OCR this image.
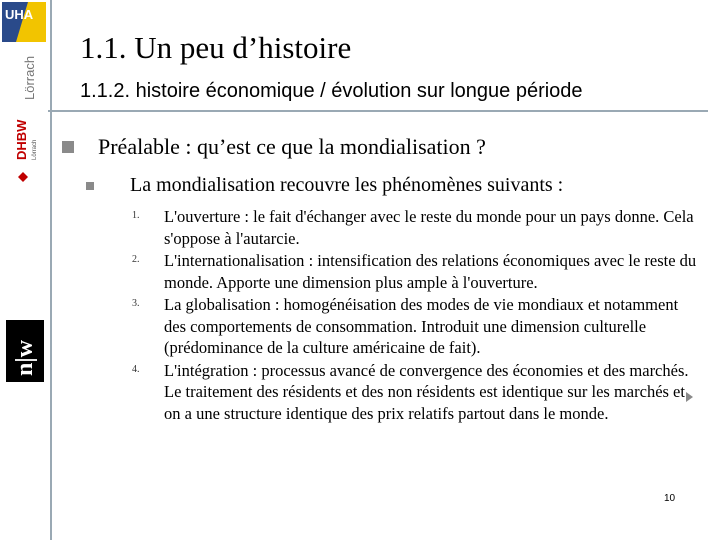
UHA
Lörrach
DHBW Lörrach
n|w
1.1. Un peu d’histoire
1.1.2. histoire économique / évolution sur longue période
Préalable : qu’est ce que la mondialisation ?
La mondialisation recouvre les phénomènes suivants :
1. L'ouverture : le fait d'échanger avec le reste du monde pour un pays donne. Cela s'oppose à l'autarcie.
2. L'internationalisation : intensification des relations économiques avec le reste du monde. Apporte une dimension plus ample à l'ouverture.
3. La globalisation : homogénéisation des modes de vie mondiaux et notamment des comportements de consommation. Introduit une dimension culturelle (prédominance de la culture américaine de fait).
4. L'intégration : processus avancé de convergence des économies et des marchés. Le traitement des résidents et des non résidents est identique sur les marchés et on a une structure identique des prix relatifs partout dans le monde.
10
